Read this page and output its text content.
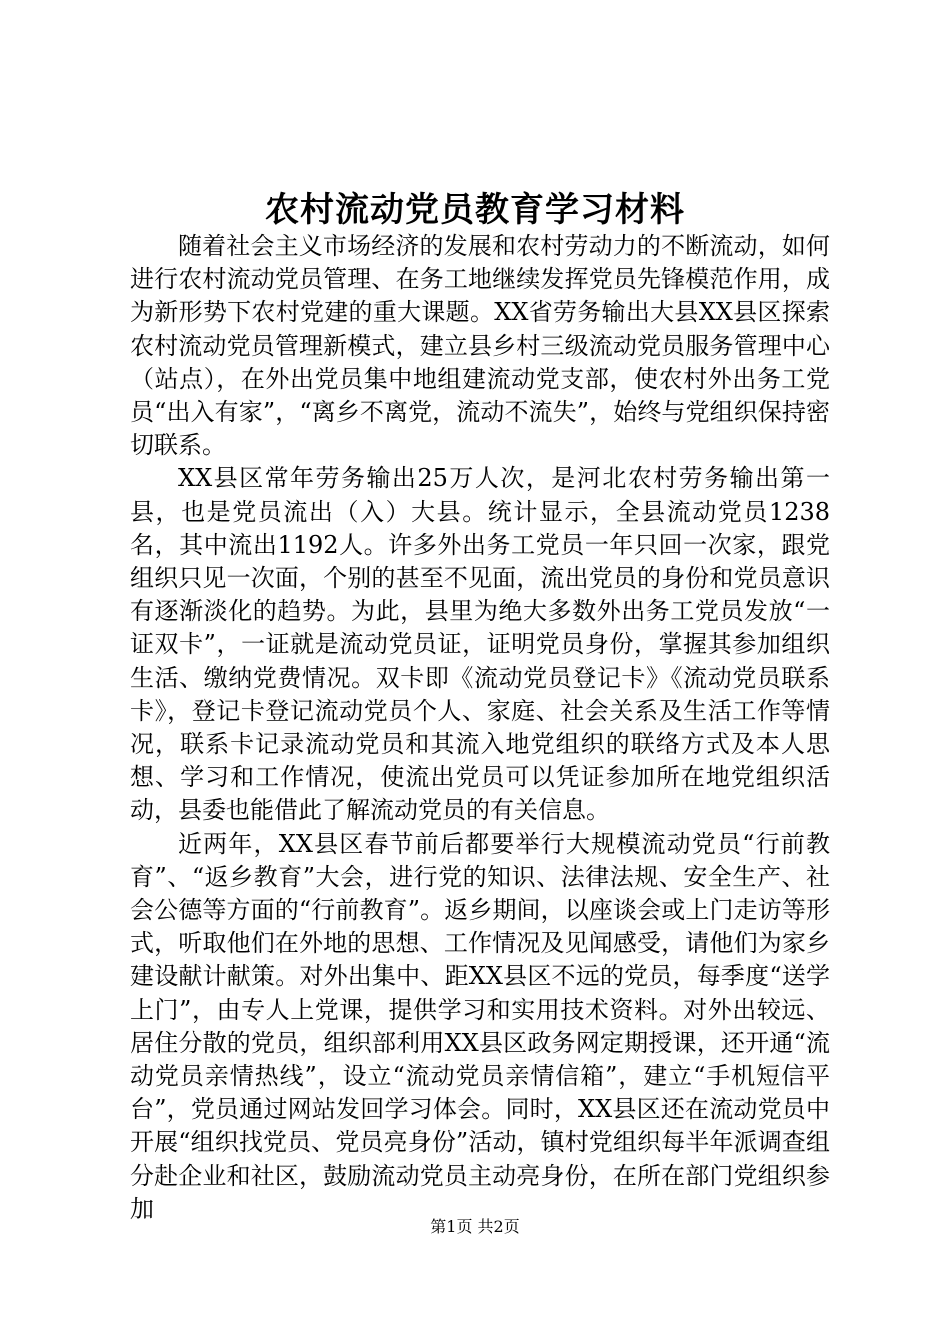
农村流动党员教育学习材料

随着社会主义市场经济的发展和农村劳动力的不断流动，如何进行农村流动党员管理、在务工地继续发挥党员先锋模范作用，成为新形势下农村党建的重大课题。XX省劳务输出大县XX县区探索农村流动党员管理新模式，建立县乡村三级流动党员服务管理中心（站点），在外出党员集中地组建流动党支部，使农村外出务工党员“出入有家”，“离乡不离党，流动不流失”，始终与党组织保持密切联系。

XX县区常年劳务输出25万人次，是河北农村劳务输出第一县，也是党员流出（入）大县。统计显示，全县流动党员1238名，其中流出1192人。许多外出务工党员一年只回一次家，跟党组织只见一次面，个别的甚至不见面，流出党员的身份和党员意识有逐渐淡化的趋势。为此，县里为绝大多数外出务工党员发放“一证双卡”，一证就是流动党员证，证明党员身份，掌握其参加组织生活、缴纳党费情况。双卡即《流动党员登记卡》《流动党员联系卡》，登记卡登记流动党员个人、家庭、社会关系及生活工作等情况，联系卡记录流动党员和其流入地党组织的联络方式及本人思想、学习和工作情况，使流出党员可以凭证参加所在地党组织活动，县委也能借此了解流动党员的有关信息。

近两年，XX县区春节前后都要举行大规模流动党员“行前教育”、“返乡教育”大会，进行党的知识、法律法规、安全生产、社会公德等方面的“行前教育”。返乡期间，以座谈会或上门走访等形式，听取他们在外地的思想、工作情况及见闻感受，请他们为家乡建设献计献策。对外出集中、距XX县区不远的党员，每季度“送学上门”，由专人上党课，提供学习和实用技术资料。对外出较远、居住分散的党员，组织部利用XX县区政务网定期授课，还开通“流动党员亲情热线”，设立“流动党员亲情信箱”，建立“手机短信平台”，党员通过网站发回学习体会。同时，XX县区还在流动党员中开展“组织找党员、党员亮身份”活动，镇村党组织每半年派调查组分赴企业和社区，鼓励流动党员主动亮身份，在所在部门党组织参加

第1页 共2页
